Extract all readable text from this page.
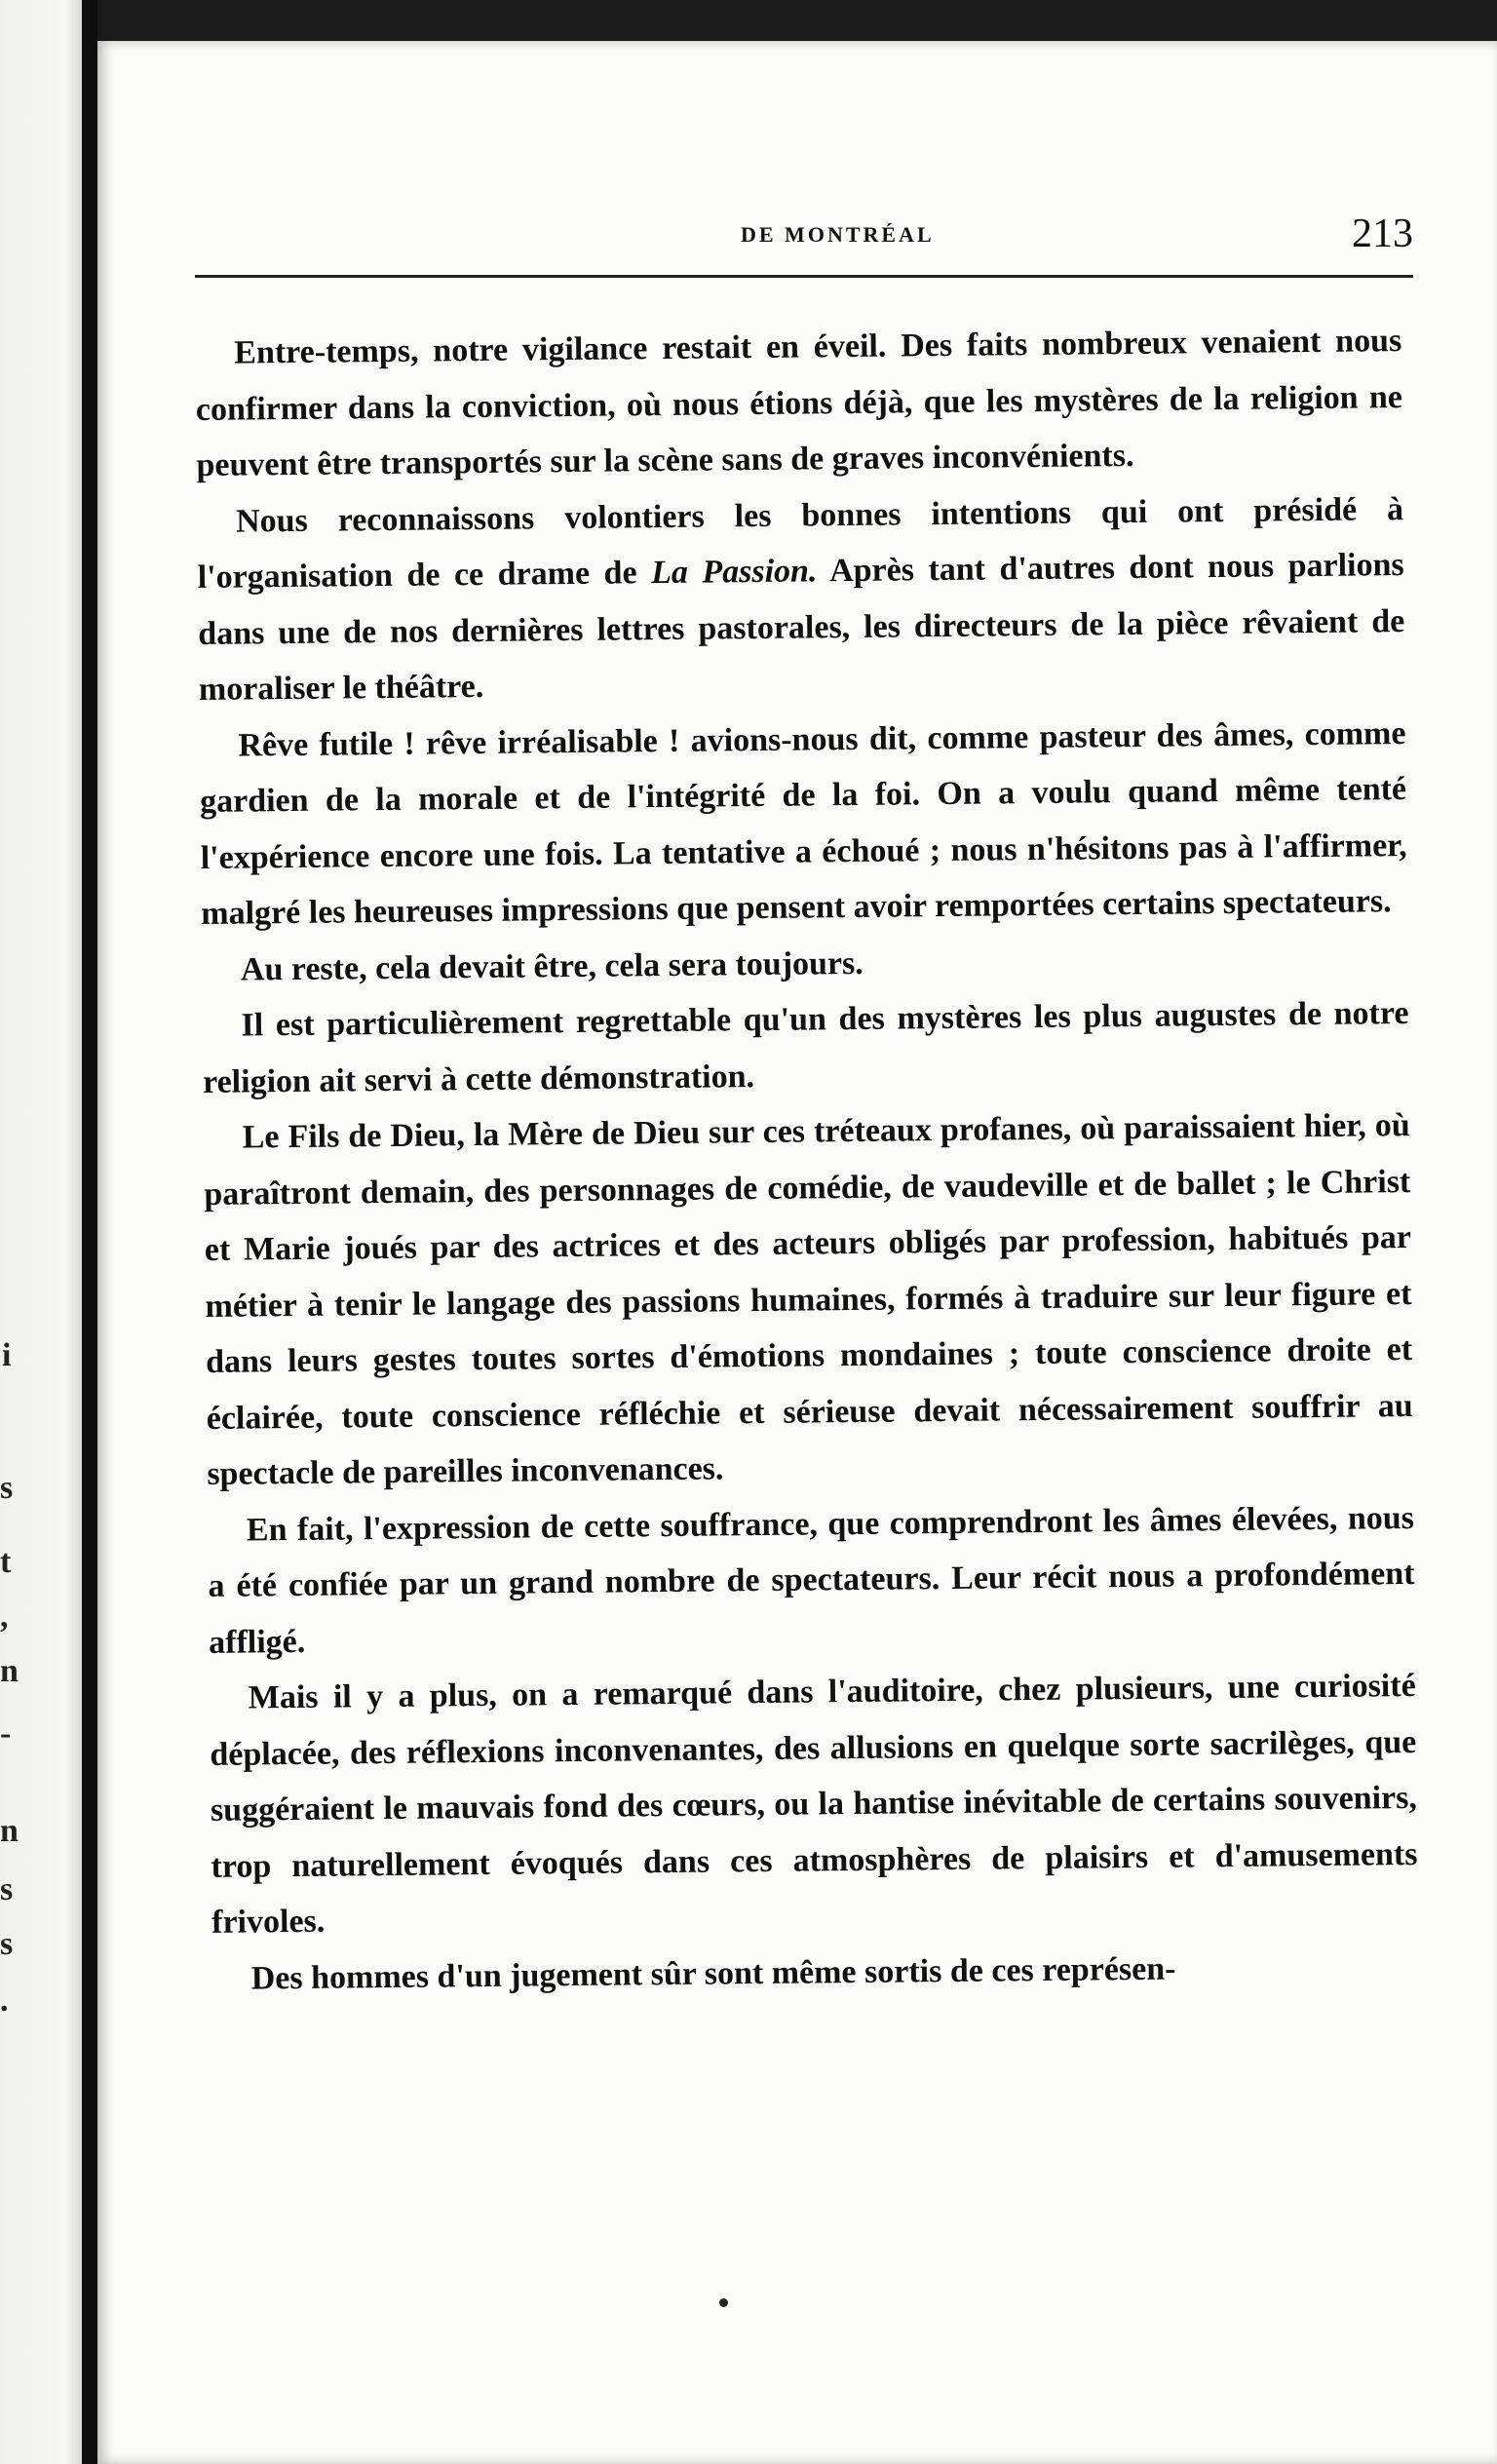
i
s
t
,
n
-
n
s
s
.
DE MONTRÉAL	213

Entre-temps, notre vigilance restait en éveil. Des faits nombreux venaient nous confirmer dans la conviction, où nous étions déjà, que les mystères de la religion ne peuvent être transportés sur la scène sans de graves inconvénients.

Nous reconnaissons volontiers les bonnes intentions qui ont présidé à l'organisation de ce drame de La Passion. Après tant d'autres dont nous parlions dans une de nos dernières lettres pastorales, les directeurs de la pièce rêvaient de moraliser le théâtre.

Rêve futile ! rêve irréalisable ! avions-nous dit, comme pasteur des âmes, comme gardien de la morale et de l'intégrité de la foi. On a voulu quand même tenté l'expérience encore une fois. La tentative a échoué ; nous n'hésitons pas à l'affirmer, malgré les heureuses impressions que pensent avoir remportées certains spectateurs.

Au reste, cela devait être, cela sera toujours.

Il est particulièrement regrettable qu'un des mystères les plus augustes de notre religion ait servi à cette démonstration.

Le Fils de Dieu, la Mère de Dieu sur ces tréteaux profanes, où paraissaient hier, où paraîtront demain, des personnages de comédie, de vaudeville et de ballet ; le Christ et Marie joués par des actrices et des acteurs obligés par profession, habitués par métier à tenir le langage des passions humaines, formés à traduire sur leur figure et dans leurs gestes toutes sortes d'émotions mondaines ; toute conscience droite et éclairée, toute conscience réfléchie et sérieuse devait nécessairement souffrir au spectacle de pareilles inconvenances.

En fait, l'expression de cette souffrance, que comprendront les âmes élevées, nous a été confiée par un grand nombre de spectateurs. Leur récit nous a profondément affligé.

Mais il y a plus, on a remarqué dans l'auditoire, chez plusieurs, une curiosité déplacée, des réflexions inconvenantes, des allusions en quelque sorte sacrilèges, que suggéraient le mauvais fond des cœurs, ou la hantise inévitable de certains souvenirs, trop naturellement évoqués dans ces atmosphères de plaisirs et d'amusements frivoles.

Des hommes d'un jugement sûr sont même sortis de ces représen-
